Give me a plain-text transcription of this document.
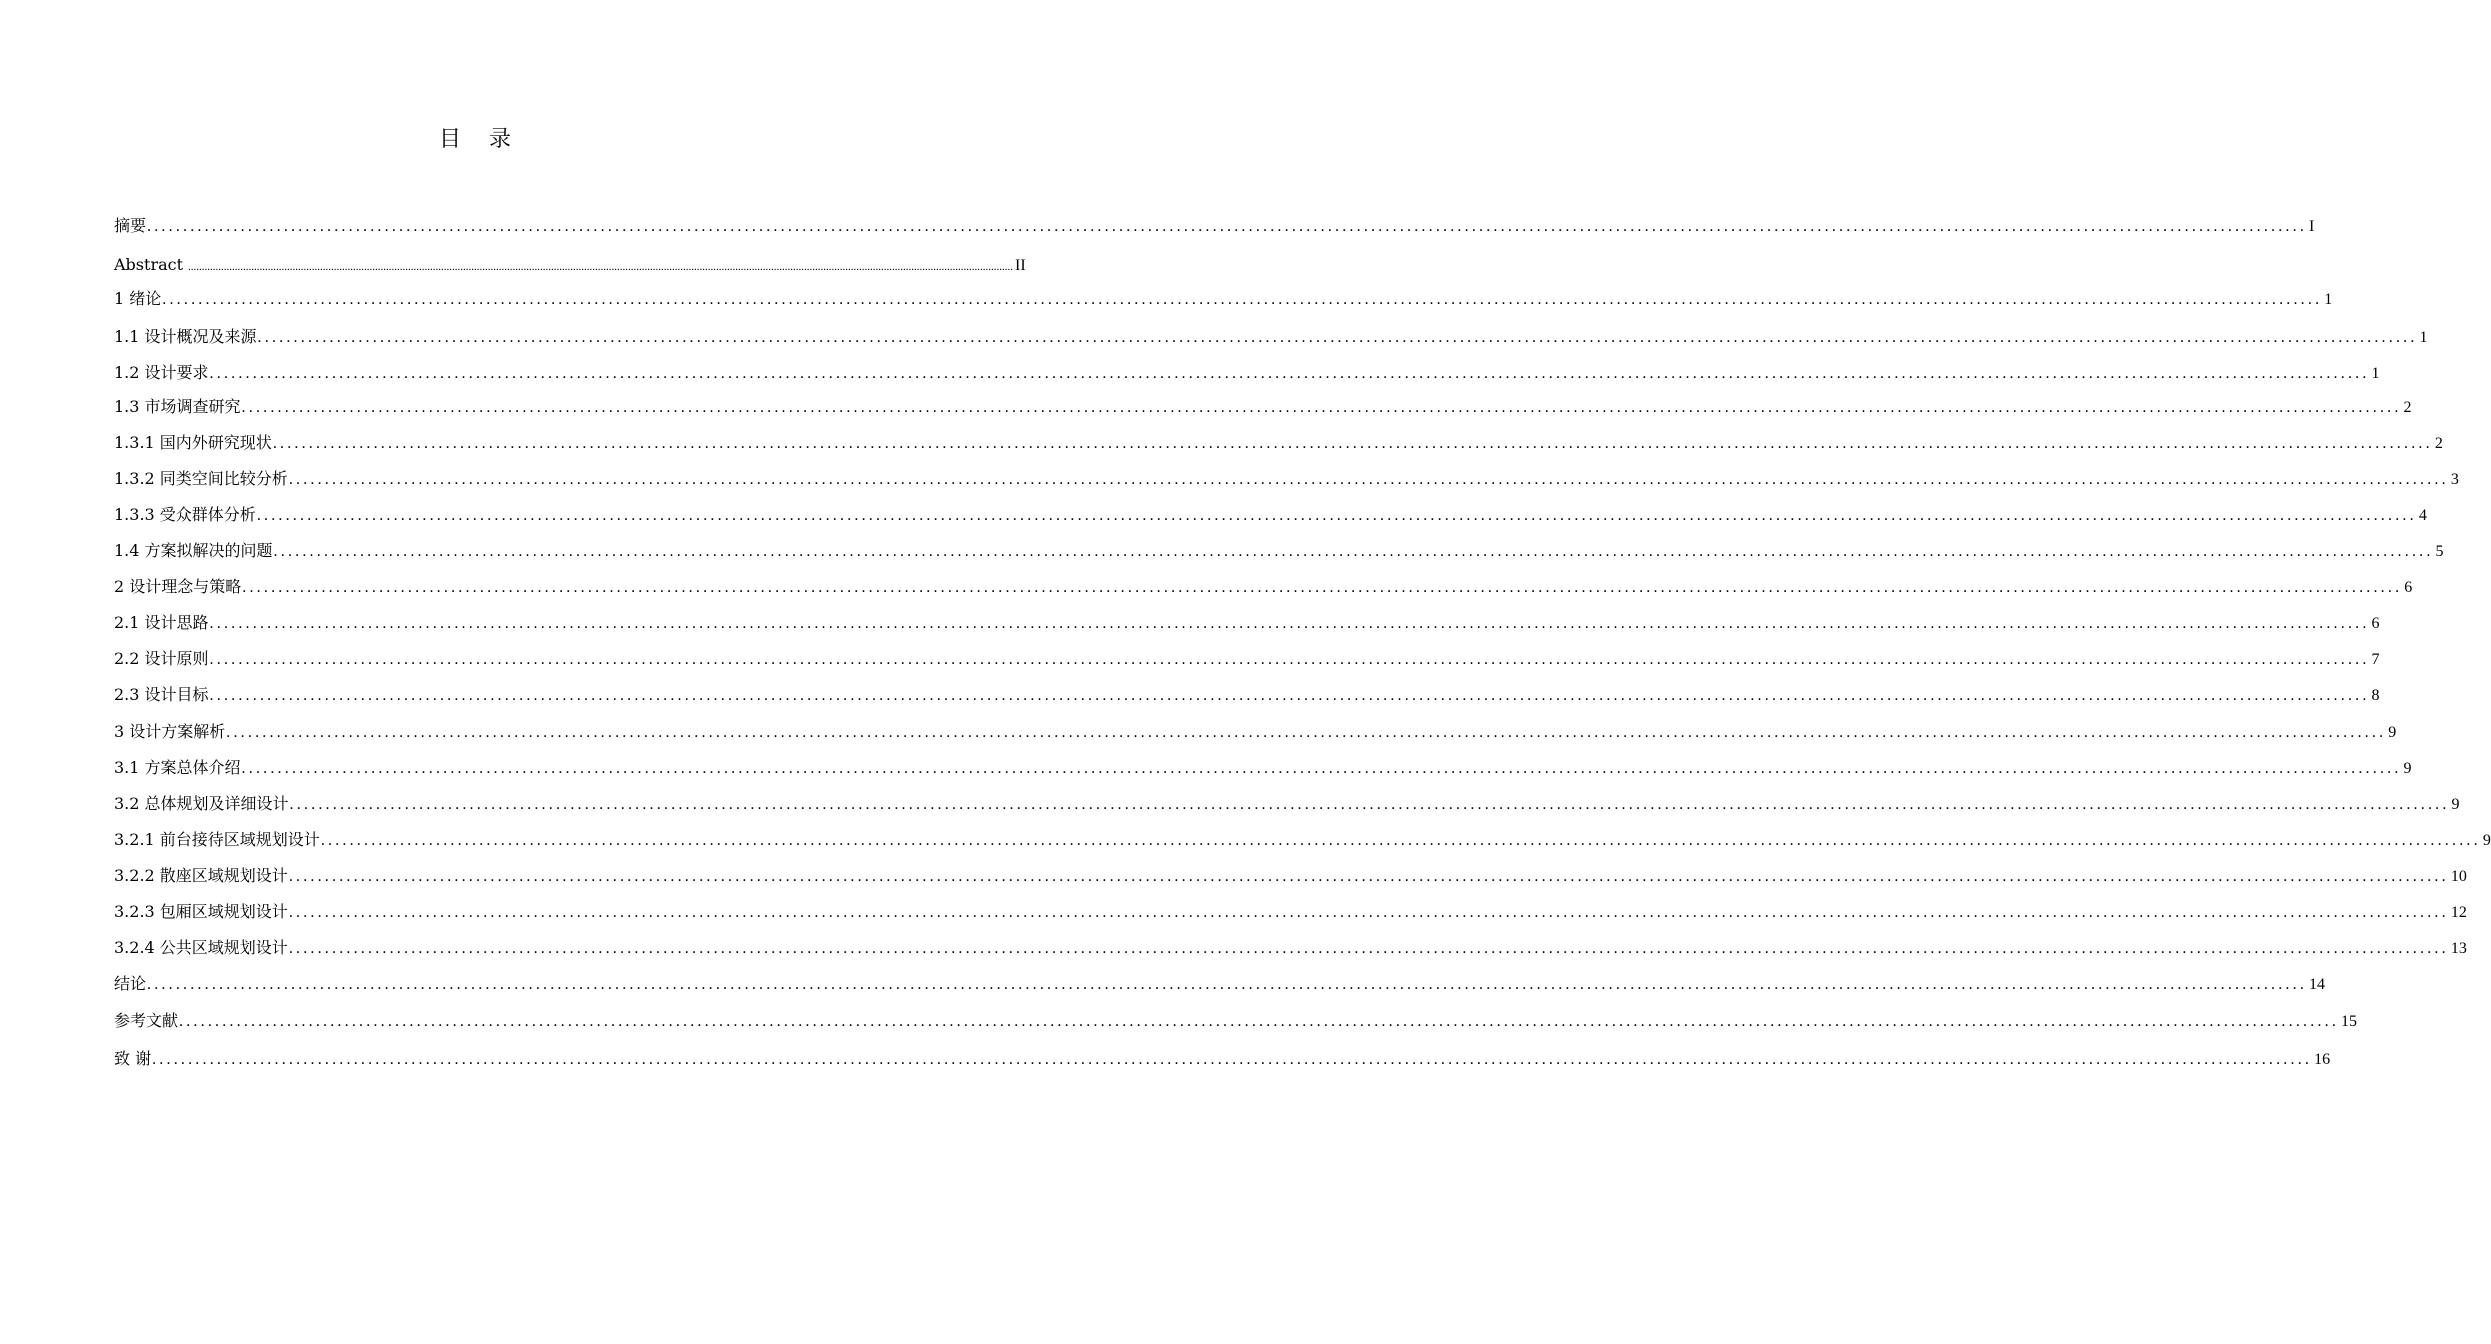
目 录
摘要 ............................................................................................................................................................................................................................................................................................................ I
Abstract ............................................................................................................................................................................................................................................................................................................ II
1 绪论 ............................................................................................................................................................................................................................................................................................................ 1
1.1 设计概况及来源 ............................................................................................................................................................................................................................................................................................................ 1
1.2 设计要求 ............................................................................................................................................................................................................................................................................................................ 1
1.3 市场调查研究 ............................................................................................................................................................................................................................................................................................................ 2
1.3.1 国内外研究现状 ............................................................................................................................................................................................................................................................................................................ 2
1.3.2 同类空间比较分析 ............................................................................................................................................................................................................................................................................................................ 3
1.3.3 受众群体分析 ............................................................................................................................................................................................................................................................................................................ 4
1.4 方案拟解决的问题 ............................................................................................................................................................................................................................................................................................................ 5
2 设计理念与策略 ............................................................................................................................................................................................................................................................................................................ 6
2.1 设计思路 ............................................................................................................................................................................................................................................................................................................ 6
2.2 设计原则 ............................................................................................................................................................................................................................................................................................................ 7
2.3 设计目标 ............................................................................................................................................................................................................................................................................................................ 8
3 设计方案解析 ............................................................................................................................................................................................................................................................................................................ 9
3.1 方案总体介绍 ............................................................................................................................................................................................................................................................................................................ 9
3.2 总体规划及详细设计 ............................................................................................................................................................................................................................................................................................................ 9
3.2.1 前台接待区域规划设计 ............................................................................................................................................................................................................................................................................................................ 9
3.2.2 散座区域规划设计 ............................................................................................................................................................................................................................................................................................................ 10
3.2.3 包厢区域规划设计 ............................................................................................................................................................................................................................................................................................................ 12
3.2.4 公共区域规划设计 ............................................................................................................................................................................................................................................................................................................ 13
结论 ............................................................................................................................................................................................................................................................................................................ 14
参考文献 ............................................................................................................................................................................................................................................................................................................ 15
致 谢 ............................................................................................................................................................................................................................................................................................................ 16
